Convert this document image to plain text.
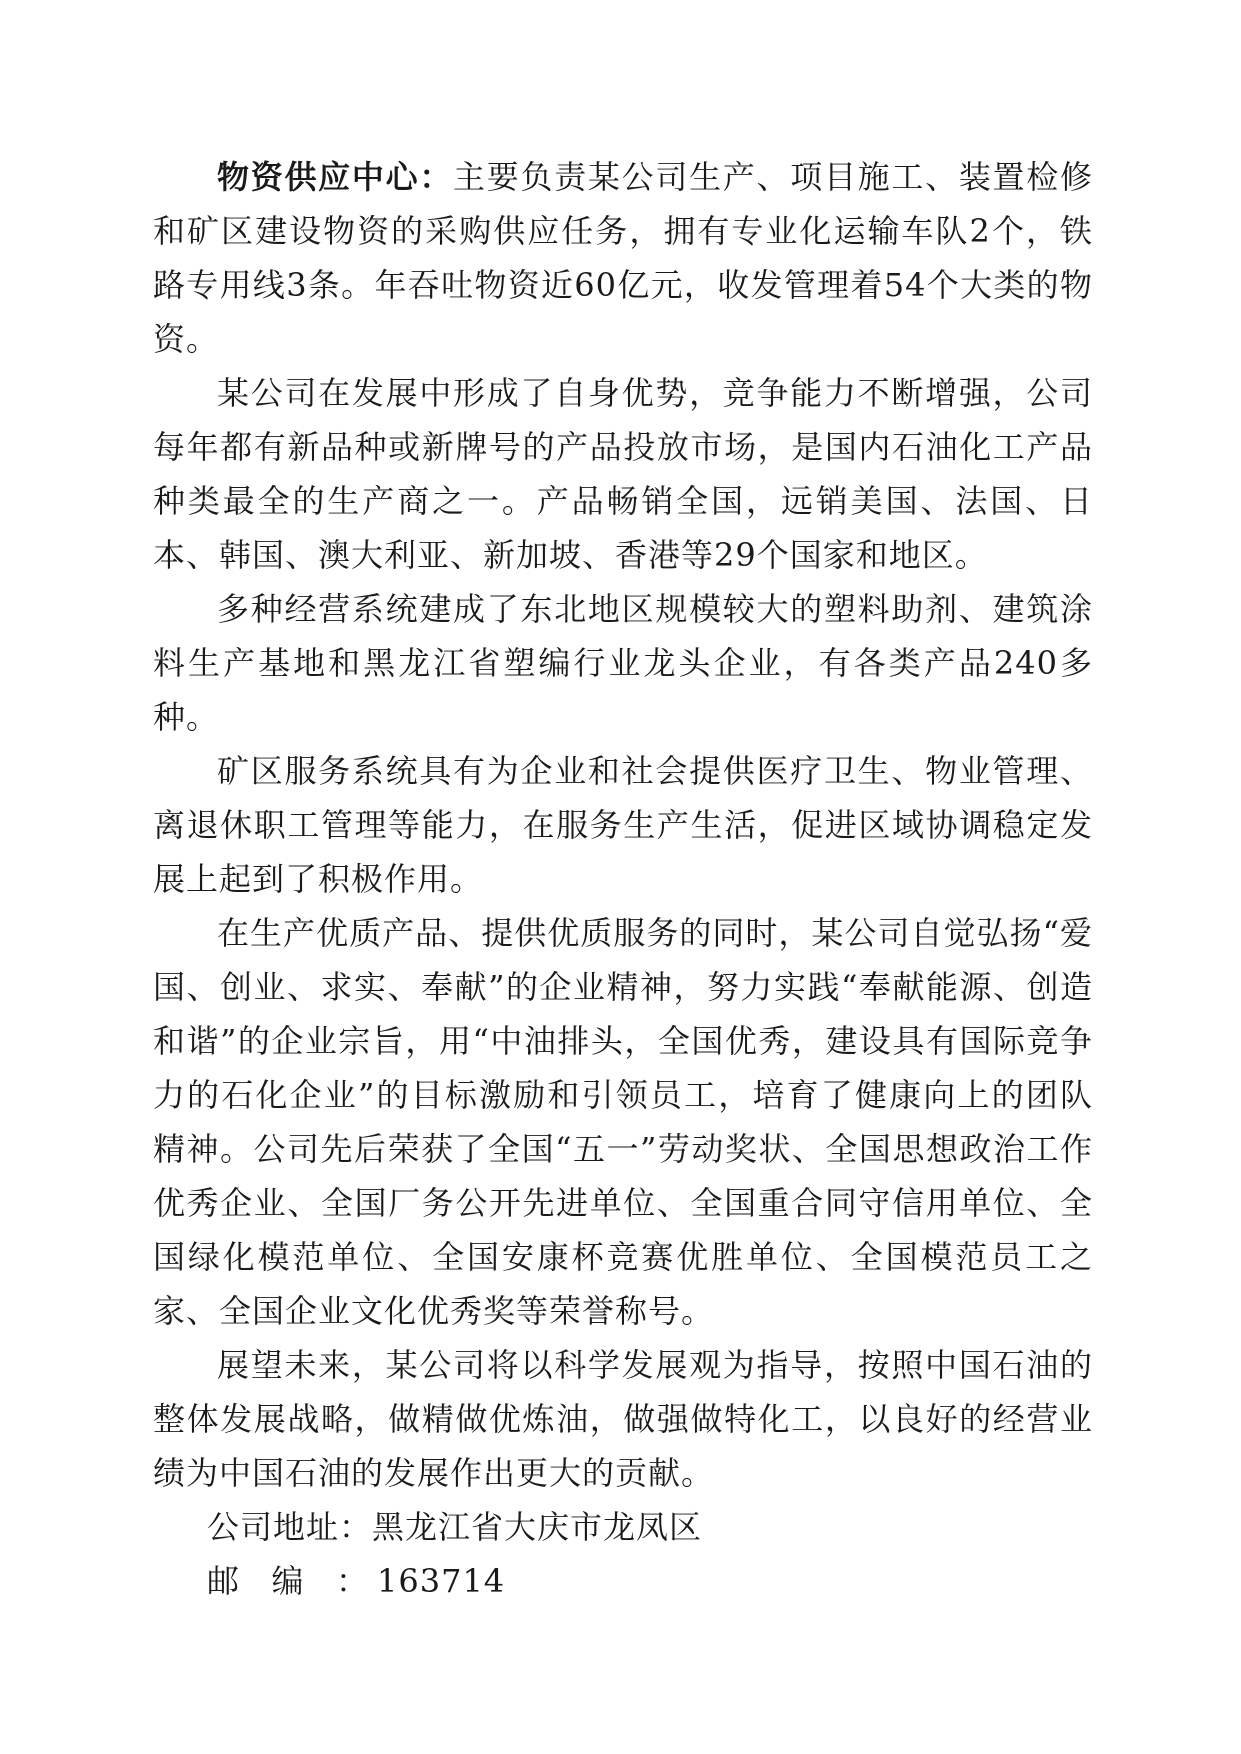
物资供应中心：主要负责某公司生产、项目施工、装置检修和矿区建设物资的采购供应任务，拥有专业化运输车队2个，铁路专用线3条。年吞吐物资近60亿元，收发管理着54个大类的物资。

某公司在发展中形成了自身优势，竞争能力不断增强，公司每年都有新品种或新牌号的产品投放市场，是国内石油化工产品种类最全的生产商之一。产品畅销全国，远销美国、法国、日本、韩国、澳大利亚、新加坡、香港等29个国家和地区。

多种经营系统建成了东北地区规模较大的塑料助剂、建筑涂料生产基地和黑龙江省塑编行业龙头企业，有各类产品240多种。

矿区服务系统具有为企业和社会提供医疗卫生、物业管理、离退休职工管理等能力，在服务生产生活，促进区域协调稳定发展上起到了积极作用。

在生产优质产品、提供优质服务的同时，某公司自觉弘扬“爱国、创业、求实、奉献”的企业精神，努力实践“奉献能源、创造和谐”的企业宗旨，用“中油排头，全国优秀，建设具有国际竞争力的石化企业”的目标激励和引领员工，培育了健康向上的团队精神。公司先后荣获了全国“五一”劳动奖状、全国思想政治工作优秀企业、全国厂务公开先进单位、全国重合同守信用单位、全国绿化模范单位、全国安康杯竞赛优胜单位、全国模范员工之家、全国企业文化优秀奖等荣誉称号。

展望未来，某公司将以科学发展观为指导，按照中国石油的整体发展战略，做精做优炼油，做强做特化工，以良好的经营业绩为中国石油的发展作出更大的贡献。

公司地址：黑龙江省大庆市龙凤区
邮编： 163714
